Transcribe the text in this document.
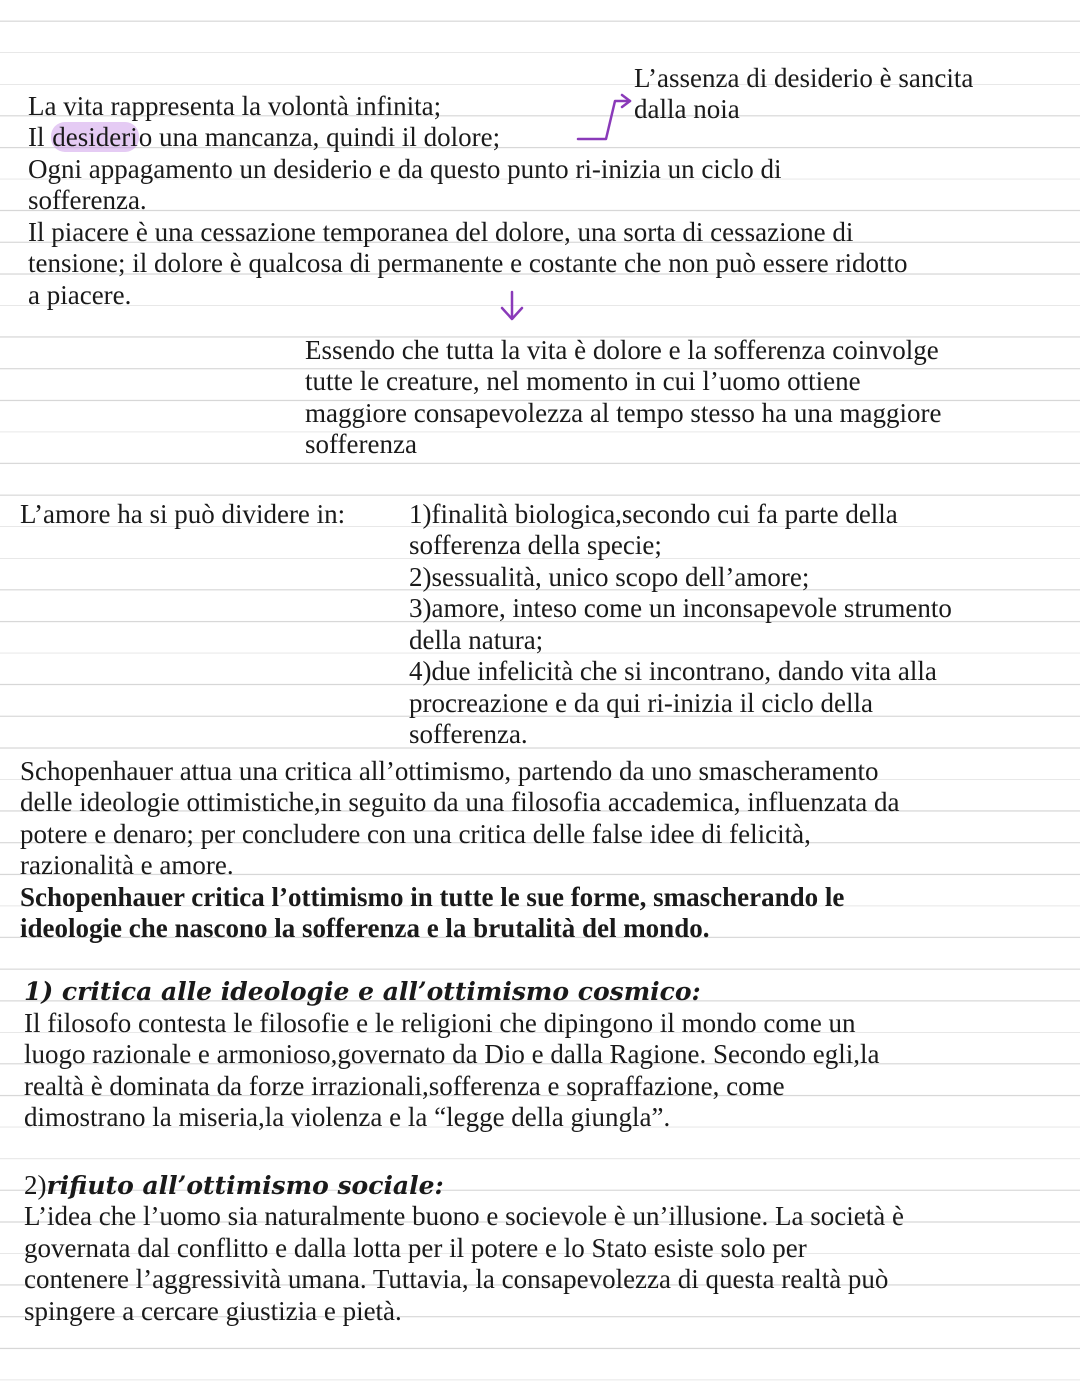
L’assenza di desiderio è sancita

dalla noia

La vita rappresenta la volontà infinita;

Il desiderio una mancanza, quindi il dolore;

Ogni appagamento un desiderio e da questo punto ri-inizia un ciclo di

sofferenza.

Il piacere è una cessazione temporanea del dolore, una sorta di cessazione di

tensione; il dolore è qualcosa di permanente e costante che non può essere ridotto

a piacere.

Essendo che tutta la vita è dolore e la sofferenza coinvolge

tutte le creature, nel momento in cui l’uomo ottiene

maggiore consapevolezza al tempo stesso ha una maggiore

sofferenza

L’amore ha si può dividere in: 1)finalità biologica,secondo cui fa parte della

sofferenza della specie;

2)sessualità, unico scopo dell’amore;

3)amore, inteso come un inconsapevole strumento

della natura;

4)due infelicità che si incontrano, dando vita alla

procreazione e da qui ri-inizia il ciclo della

sofferenza.

Schopenhauer attua una critica all’ottimismo, partendo da uno smascheramento

delle ideologie ottimistiche,in seguito da una filosofia accademica, influenzata da

potere e denaro; per concludere con una critica delle false idee di felicità,

razionalità e amore.

Schopenhauer critica l’ottimismo in tutte le sue forme, smascherando le

ideologie che nascono la sofferenza e la brutalità del mondo.

1) critica alle ideologie e all’ottimismo cosmico:

Il filosofo contesta le filosofie e le religioni che dipingono il mondo come un

luogo razionale e armonioso,governato da Dio e dalla Ragione. Secondo egli,la

realtà è dominata da forze irrazionali,sofferenza e sopraffazione, come

dimostrano la miseria,la violenza e la “legge della giungla”.

2)rifiuto all’ottimismo sociale:

L’idea che l’uomo sia naturalmente buono e socievole è un’illusione. La società è

governata dal conflitto e dalla lotta per il potere e lo Stato esiste solo per

contenere l’aggressività umana. Tuttavia, la consapevolezza di questa realtà può

spingere a cercare giustizia e pietà.
